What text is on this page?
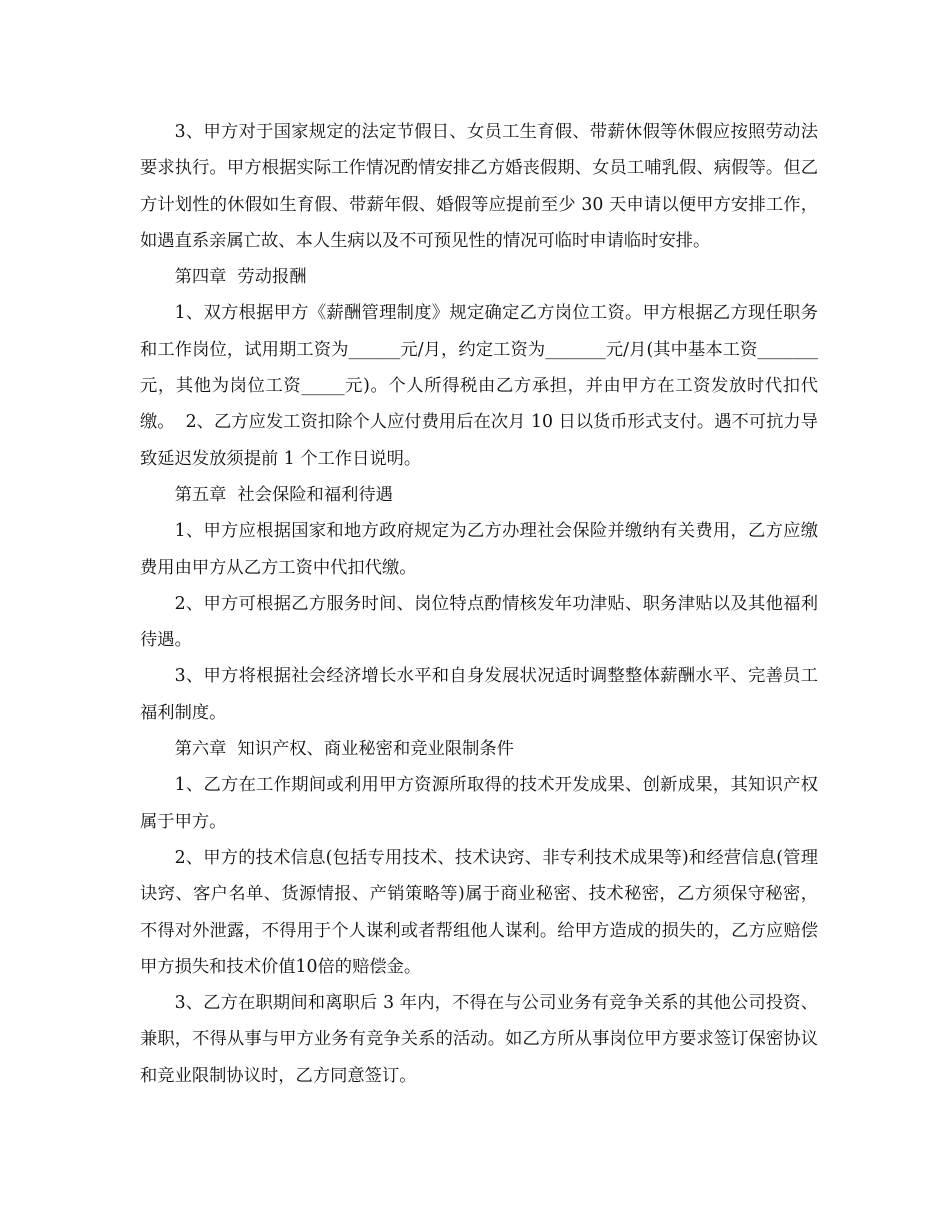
3、甲方对于国家规定的法定节假日、女员工生育假、带薪休假等休假应按照劳动法要求执行。甲方根据实际工作情况酌情安排乙方婚丧假期、女员工哺乳假、病假等。但乙方计划性的休假如生育假、带薪年假、婚假等应提前至少 30 天申请以便甲方安排工作，如遇直系亲属亡故、本人生病以及不可预见性的情况可临时申请临时安排。

第四章  劳动报酬

1、双方根据甲方《薪酬管理制度》规定确定乙方岗位工资。甲方根据乙方现任职务和工作岗位，试用期工资为______元/月，约定工资为_______元/月(其中基本工资_______元，其他为岗位工资_____元)。个人所得税由乙方承担，并由甲方在工资发放时代扣代缴。  2、乙方应发工资扣除个人应付费用后在次月 10 日以货币形式支付。遇不可抗力导致延迟发放须提前 1 个工作日说明。

第五章  社会保险和福利待遇

1、甲方应根据国家和地方政府规定为乙方办理社会保险并缴纳有关费用，乙方应缴费用由甲方从乙方工资中代扣代缴。

2、甲方可根据乙方服务时间、岗位特点酌情核发年功津贴、职务津贴以及其他福利待遇。

3、甲方将根据社会经济增长水平和自身发展状况适时调整整体薪酬水平、完善员工福利制度。

第六章  知识产权、商业秘密和竞业限制条件

1、乙方在工作期间或利用甲方资源所取得的技术开发成果、创新成果，其知识产权属于甲方。

2、甲方的技术信息(包括专用技术、技术诀窍、非专利技术成果等)和经营信息(管理诀窍、客户名单、货源情报、产销策略等)属于商业秘密、技术秘密，乙方须保守秘密，不得对外泄露，不得用于个人谋利或者帮组他人谋利。给甲方造成的损失的，乙方应赔偿甲方损失和技术价值10倍的赔偿金。

3、乙方在职期间和离职后 3 年内，不得在与公司业务有竞争关系的其他公司投资、兼职，不得从事与甲方业务有竞争关系的活动。如乙方所从事岗位甲方要求签订保密协议和竞业限制协议时，乙方同意签订。
